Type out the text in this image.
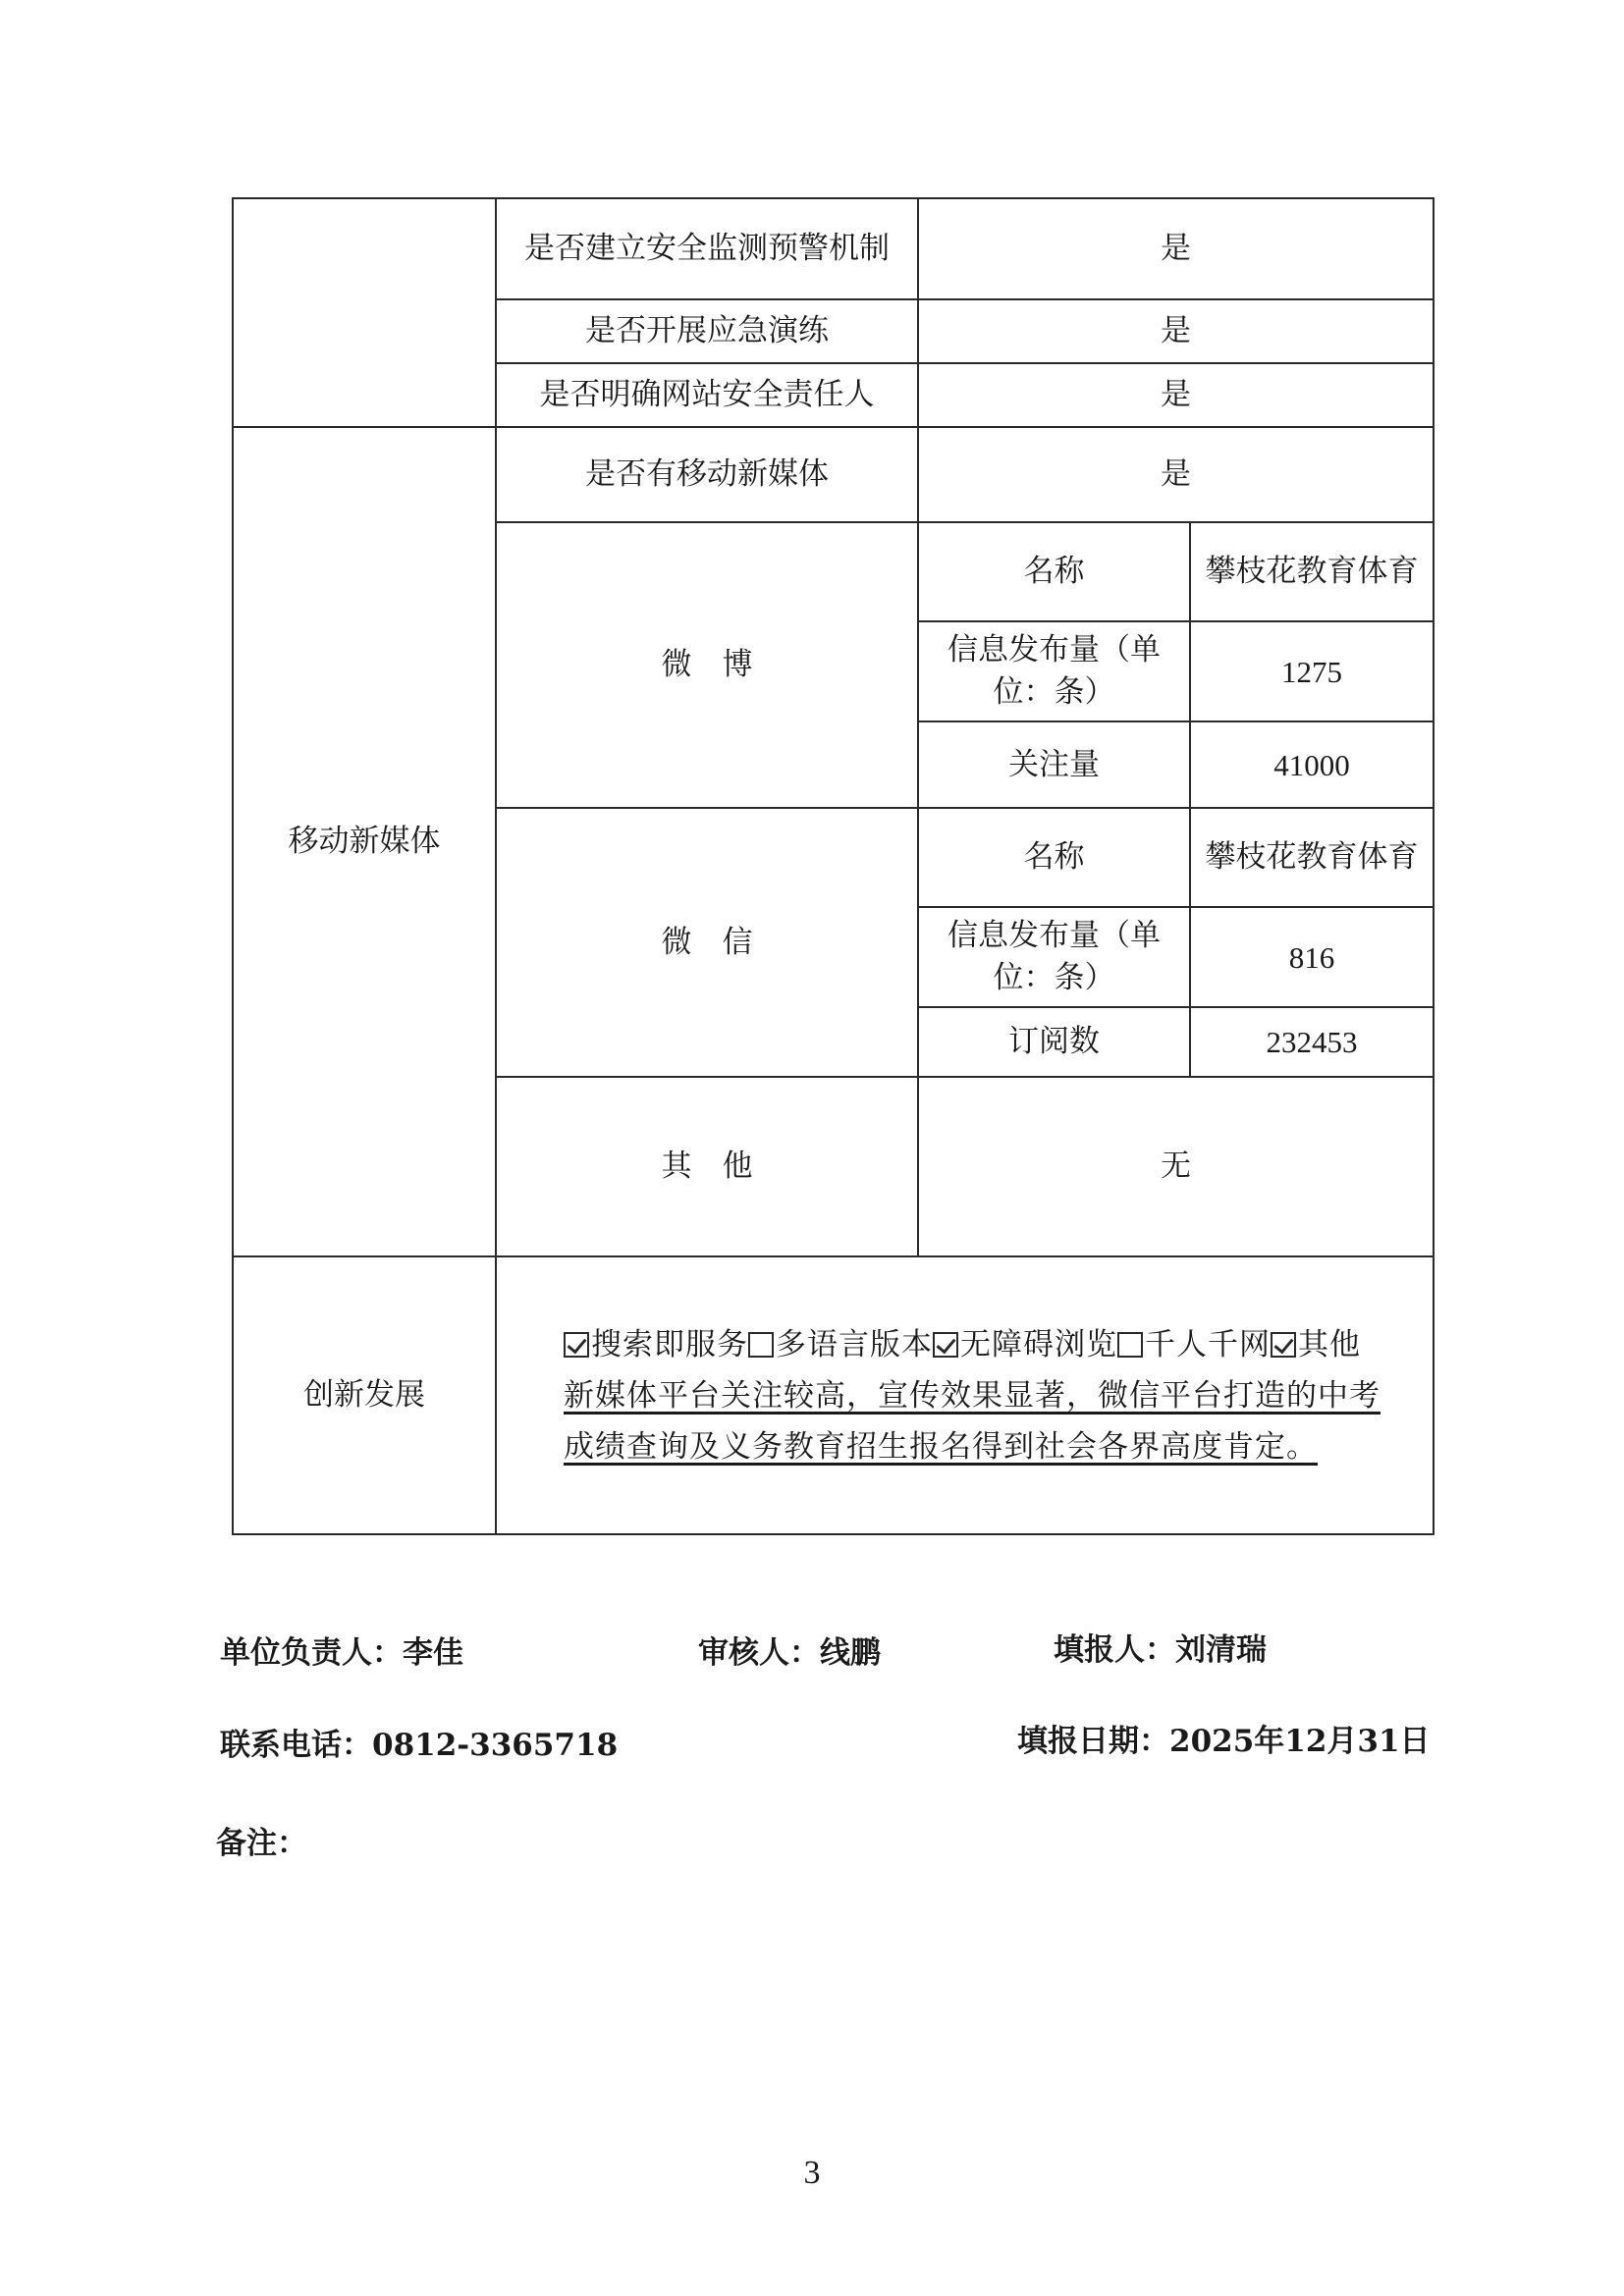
	是否建立安全监测预警机制	是	
	是否开展应急演练	是	
	是否明确网站安全责任人	是	
移动新媒体	是否有移动新媒体	是	
	微　博	名称	攀枝花教育体育
		信息发布量（单位：条）	1275
		关注量	41000
	微　信	名称	攀枝花教育体育
		信息发布量（单位：条）	816
		订阅数	232453
	其　他	无	
创新发展	搜索即服务 多语言版本 无障碍浏览 千人千网 其他
新媒体平台关注较高，宣传效果显著，微信平台打造的中考
成绩查询及义务教育招生报名得到社会各界高度肯定。		
单位负责人：李佳	审核人：线鹏	填报人：刘清瑞
联系电话：0812-3365718	填报日期：2025年12月31日
备注：
3
